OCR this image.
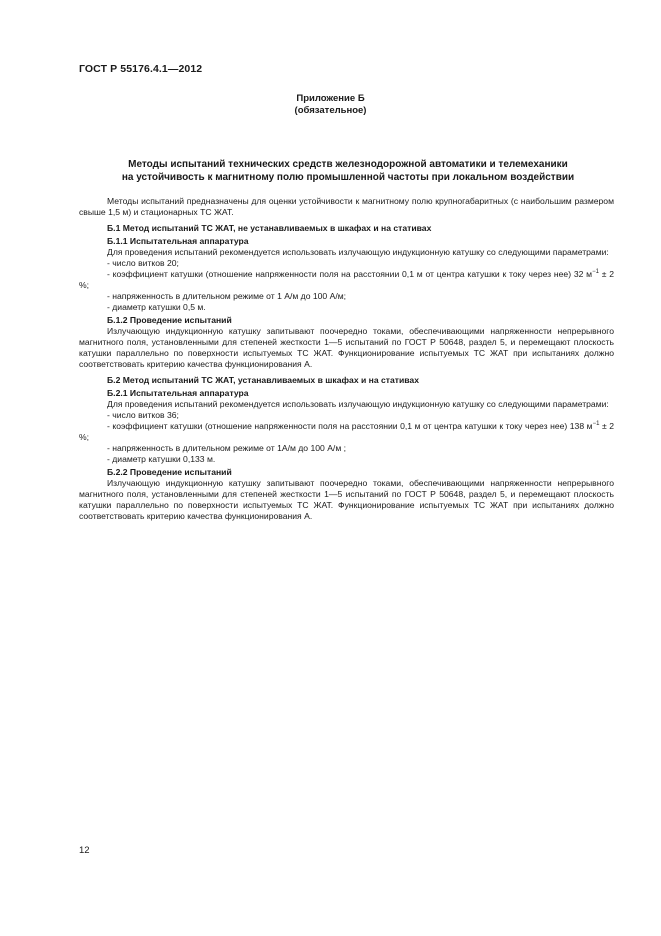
ГОСТ Р 55176.4.1—2012
Приложение Б
(обязательное)
Методы испытаний технических средств железнодорожной автоматики и телемеханики
на устойчивость к магнитному полю промышленной частоты при локальном воздействии

Методы испытаний предназначены для оценки устойчивости к магнитному полю крупногабаритных (с наибольшим размером свыше 1,5 м) и стационарных ТС ЖАТ.

Б.1 Метод испытаний ТС ЖАТ, не устанавливаемых в шкафах и на стативах

Б.1.1 Испытательная аппаратура

Для проведения испытаний рекомендуется использовать излучающую индукционную катушку со следующими параметрами:

- число витков 20;

- коэффициент катушки (отношение напряженности поля на расстоянии 0,1 м от центра катушки к току через нее) 32 $м^{-1} \pm 2$ %;

- напряженность в длительном режиме от 1 А/м до 100 А/м;

- диаметр катушки 0,5 м.

Б.1.2 Проведение испытаний

Излучающую индукционную катушку запитывают поочередно токами, обеспечивающими напряженности непрерывного магнитного поля, установленными для степеней жесткости 1—5 испытаний по ГОСТ Р 50648, раздел 5, и перемещают плоскость катушки параллельно по поверхности испытуемых ТС ЖАТ. Функционирование испытуемых ТС ЖАТ при испытаниях должно соответствовать критерию качества функционирования А.

Б.2 Метод испытаний ТС ЖАТ, устанавливаемых в шкафах и на стативах

Б.2.1 Испытательная аппаратура

Для проведения испытаний рекомендуется использовать излучающую индукционную катушку со следующими параметрами:

- число витков 36;

- коэффициент катушки (отношение напряженности поля на расстоянии 0,1 м от центра катушки к току через нее) 138 $м^{-1} \pm 2$ %;

- напряженность в длительном режиме от 1А/м до 100 А/м ;

- диаметр катушки 0,133 м.

Б.2.2 Проведение испытаний

Излучающую индукционную катушку запитывают поочередно токами, обеспечивающими напряженности непрерывного магнитного поля, установленными для степеней жесткости 1—5 испытаний по ГОСТ Р 50648, раздел 5, и перемещают плоскость катушки параллельно по поверхности испытуемых ТС ЖАТ. Функционирование испытуемых ТС ЖАТ при испытаниях должно соответствовать критерию качества функционирования А.

12
